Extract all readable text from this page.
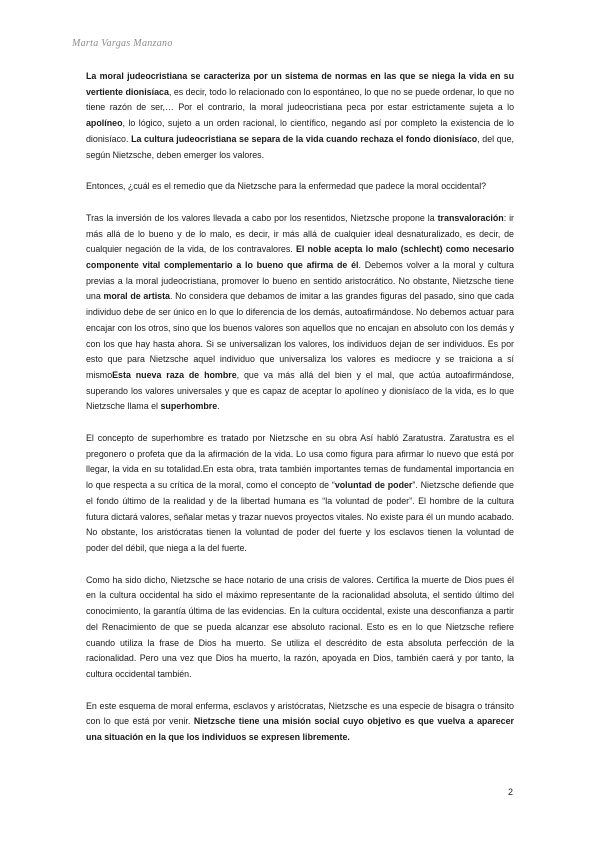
Marta Vargas Manzano

La moral judeocristiana se caracteriza por un sistema de normas en las que se niega la vida en su vertiente dionisíaca, es decir, todo lo relacionado con lo espontáneo, lo que no se puede ordenar, lo que no tiene razón de ser,… Por el contrario, la moral judeocristiana peca por estar estrictamente sujeta a lo apolíneo, lo lógico, sujeto a un orden racional, lo científico, negando así por completo la existencia de lo dionisíaco. La cultura judeocristiana se separa de la vida cuando rechaza el fondo dionisíaco, del que, según Nietzsche, deben emerger los valores.

Entonces, ¿cuál es el remedio que da Nietzsche para la enfermedad que padece la moral occidental?

Tras la inversión de los valores llevada a cabo por los resentidos, Nietzsche propone la transvaloración: ir más allá de lo bueno y de lo malo, es decir, ir más allá de cualquier ideal desnaturalizado, es decir, de cualquier negación de la vida, de los contravalores. El noble acepta lo malo (schlecht) como necesario componente vital complementario a lo bueno que afirma de él. Debemos volver a la moral y cultura previas a la moral judeocristiana, promover lo bueno en sentido aristocrático. No obstante, Nietzsche tiene una moral de artista. No considera que debamos de imitar a las grandes figuras del pasado, sino que cada individuo debe de ser único en lo que lo diferencia de los demás, autoafirmándose. No debemos actuar para encajar con los otros, sino que los buenos valores son aquellos que no encajan en absoluto con los demás y con los que hay hasta ahora. Si se universalizan los valores, los individuos dejan de ser individuos. Es por esto que para Nietzsche aquel individuo que universaliza los valores es mediocre y se traiciona a sí mismoEsta nueva raza de hombre, que va más allá del bien y el mal, que actúa autoafirmándose, superando los valores universales y que es capaz de aceptar lo apolíneo y dionisíaco de la vida, es lo que Nietzsche llama el superhombre.

El concepto de superhombre es tratado por Nietzsche en su obra Así habló Zaratustra. Zaratustra es el pregonero o profeta que da la afirmación de la vida. Lo usa como figura para afirmar lo nuevo que está por llegar, la vida en su totalidad.En esta obra, trata también importantes temas de fundamental importancia en lo que respecta a su crítica de la moral, como el concepto de “voluntad de poder”. Nietzsche defiende que el fondo último de la realidad y de la libertad humana es “la voluntad de poder”. El hombre de la cultura futura dictará valores, señalar metas y trazar nuevos proyectos vitales. No existe para él un mundo acabado. No obstante, los aristócratas tienen la voluntad de poder del fuerte y los esclavos tienen la voluntad de poder del débil, que niega a la del fuerte.

Como ha sido dicho, Nietzsche se hace notario de una crisis de valores. Certifica la muerte de Dios pues él en la cultura occidental ha sido el máximo representante de la racionalidad absoluta, el sentido último del conocimiento, la garantía última de las evidencias. En la cultura occidental, existe una desconfianza a partir del Renacimiento de que se pueda alcanzar ese absoluto racional. Esto es en lo que Nietzsche refiere cuando utiliza la frase de Dios ha muerto. Se utiliza el descrédito de esta absoluta perfección de la racionalidad. Pero una vez que Dios ha muerto, la razón, apoyada en Dios, también caerá y por tanto, la cultura occidental también.

En este esquema de moral enferma, esclavos y aristócratas, Nietzsche es una especie de bisagra o tránsito con lo que está por venir. Nietzsche tiene una misión social cuyo objetivo es que vuelva a aparecer una situación en la que los individuos se expresen libremente.

2
